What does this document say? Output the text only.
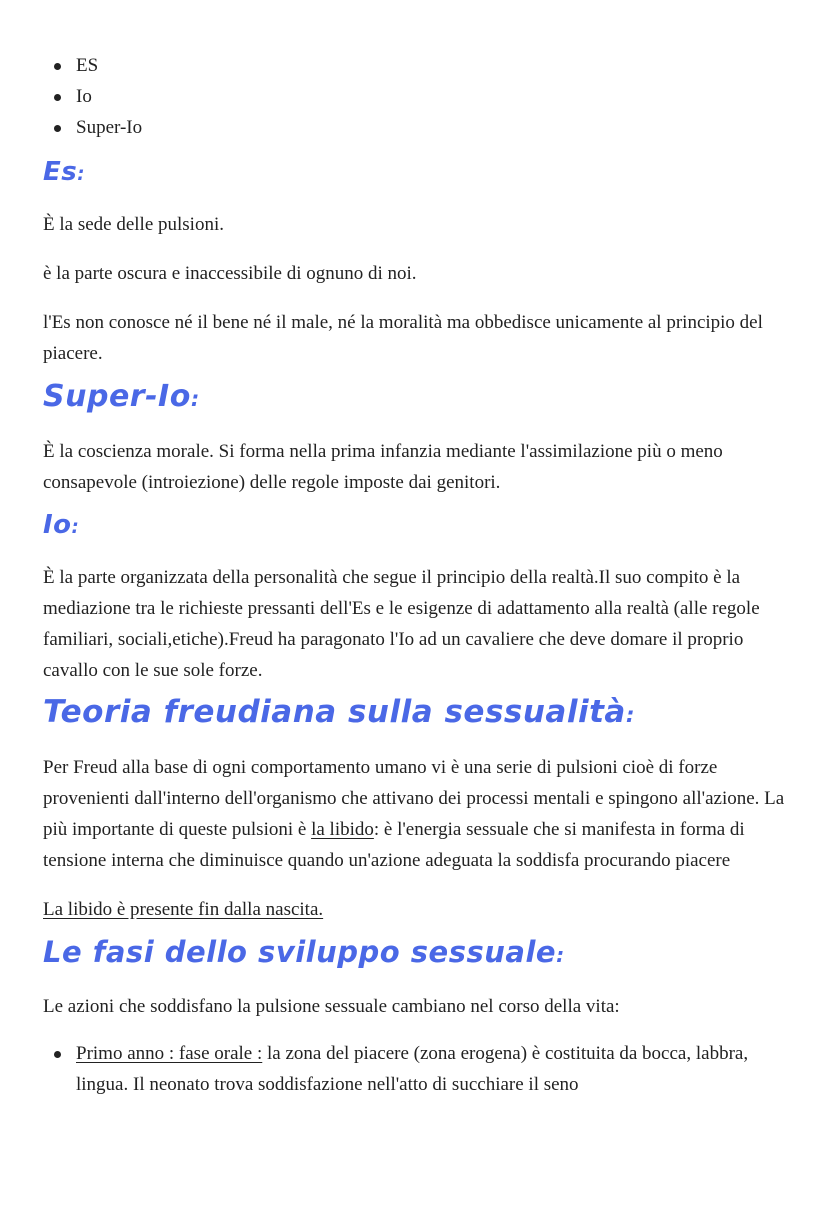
ES
Io
Super-Io
Es:

È la sede delle pulsioni.

è la parte oscura e inaccessibile di ognuno di noi.

l'Es non conosce né il bene né il male, né la moralità ma obbedisce unicamente al principio del piacere.

Super-Io:

È la coscienza morale. Si forma nella prima infanzia mediante l'assimilazione più o meno consapevole (introiezione) delle regole imposte dai genitori.

Io:

È la parte organizzata della personalità che segue il principio della realtà.Il suo compito è la mediazione tra le richieste pressanti dell'Es e le esigenze di adattamento alla realtà (alle regole familiari, sociali,etiche).Freud ha paragonato l'Io ad un cavaliere che deve domare il proprio cavallo con le sue sole forze.

Teoria freudiana sulla sessualità:

Per Freud alla base di ogni comportamento umano vi è una serie di pulsioni cioè di forze provenienti dall'interno dell'organismo che attivano dei processi mentali e spingono all'azione. La più importante di queste pulsioni è la libido: è l'energia sessuale che si manifesta in forma di tensione interna che diminuisce quando un'azione adeguata la soddisfa procurando piacere

La libido è presente fin dalla nascita.

Le fasi dello sviluppo sessuale:

Le azioni che soddisfano la pulsione sessuale cambiano nel corso della vita:

Primo anno : fase orale : la zona del piacere (zona erogena) è costituita da bocca, labbra, lingua. Il neonato trova soddisfazione nell'atto di succhiare il seno
